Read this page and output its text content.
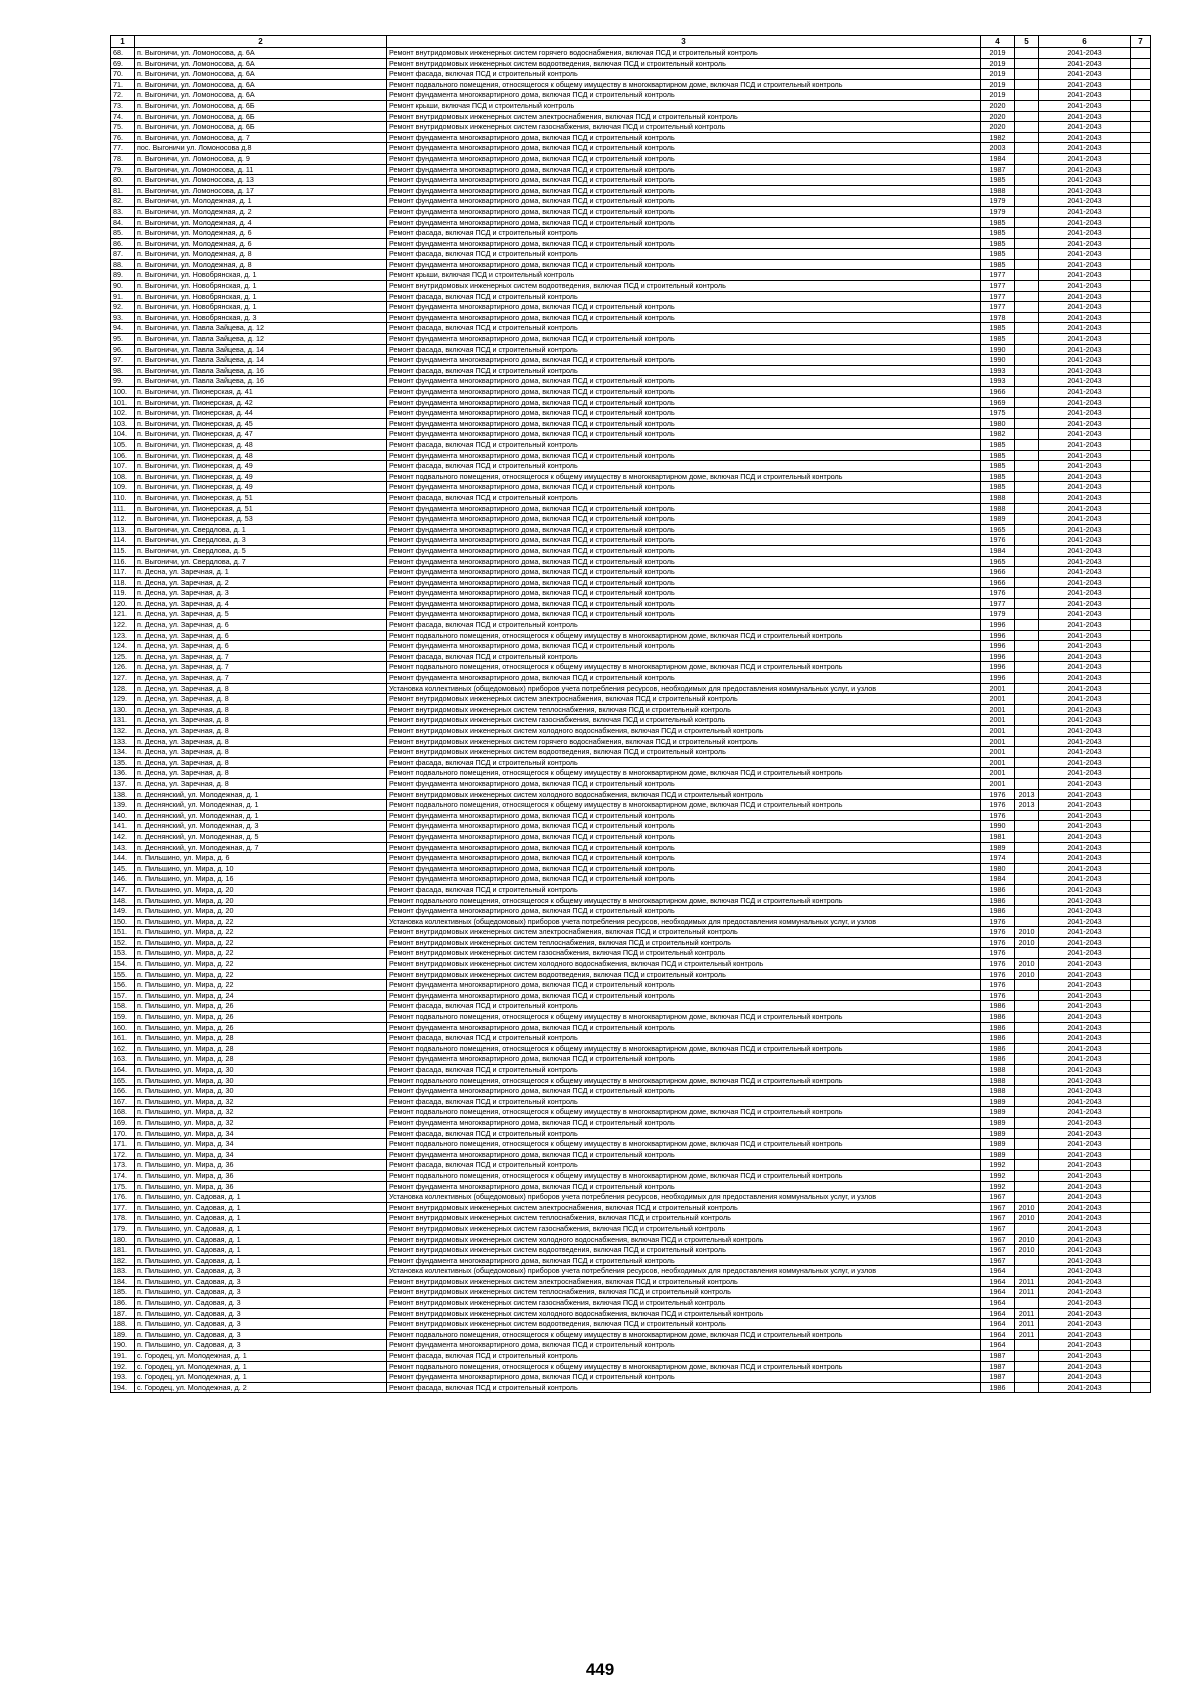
1	2	3	4	5	6	7
68.	п. Выгоничи, ул. Ломоносова, д. 6А	Ремонт внутридомовых инженерных систем горячего водоснабжения, включая ПСД и строительный контроль	2019		2041-2043	
69.	п. Выгоничи, ул. Ломоносова, д. 6А	Ремонт внутридомовых инженерных систем водоотведения, включая ПСД и строительный контроль	2019		2041-2043	
70.	п. Выгоничи, ул. Ломоносова, д. 6А	Ремонт фасада, включая ПСД и строительный контроль	2019		2041-2043	
71.	п. Выгоничи, ул. Ломоносова, д. 6А	Ремонт подвального помещения, относящегося к общему имуществу в многоквартирном доме, включая ПСД и строительный контроль	2019		2041-2043	
72.	п. Выгоничи, ул. Ломоносова, д. 6А	Ремонт фундамента многоквартирного дома, включая ПСД и строительный контроль	2019		2041-2043	
73.	п. Выгоничи, ул. Ломоносова, д. 6Б	Ремонт крыши, включая ПСД и строительный контроль	2020		2041-2043	
74.	п. Выгоничи, ул. Ломоносова, д. 6Б	Ремонт внутридомовых инженерных систем электроснабжения, включая ПСД и строительный контроль	2020		2041-2043	
75.	п. Выгоничи, ул. Ломоносова, д. 6Б	Ремонт внутридомовых инженерных систем газоснабжения, включая ПСД и строительный контроль	2020		2041-2043	
76.	п. Выгоничи, ул. Ломоносова, д. 7	Ремонт фундамента многоквартирного дома, включая ПСД и строительный контроль	1982		2041-2043	
77.	пос. Выгоничи ул. Ломоносова д.8	Ремонт фундамента многоквартирного дома, включая ПСД и строительный контроль	2003		2041-2043	
78.	п. Выгоничи, ул. Ломоносова, д. 9	Ремонт фундамента многоквартирного дома, включая ПСД и строительный контроль	1984		2041-2043	
79.	п. Выгоничи, ул. Ломоносова, д. 11	Ремонт фундамента многоквартирного дома, включая ПСД и строительный контроль	1987		2041-2043	
80.	п. Выгоничи, ул. Ломоносова, д. 13	Ремонт фундамента многоквартирного дома, включая ПСД и строительный контроль	1985		2041-2043	
81.	п. Выгоничи, ул. Ломоносова, д. 17	Ремонт фундамента многоквартирного дома, включая ПСД и строительный контроль	1988		2041-2043	
82.	п. Выгоничи, ул. Молодежная, д. 1	Ремонт фундамента многоквартирного дома, включая ПСД и строительный контроль	1979		2041-2043	
83.	п. Выгоничи, ул. Молодежная, д. 2	Ремонт фундамента многоквартирного дома, включая ПСД и строительный контроль	1979		2041-2043	
84.	п. Выгоничи, ул. Молодежная, д. 4	Ремонт фундамента многоквартирного дома, включая ПСД и строительный контроль	1985		2041-2043	
85.	п. Выгоничи, ул. Молодежная, д. 6	Ремонт фасада, включая ПСД и строительный контроль	1985		2041-2043	
86.	п. Выгоничи, ул. Молодежная, д. 6	Ремонт фундамента многоквартирного дома, включая ПСД и строительный контроль	1985		2041-2043	
87.	п. Выгоничи, ул. Молодежная, д. 8	Ремонт фасада, включая ПСД и строительный контроль	1985		2041-2043	
88.	п. Выгоничи, ул. Молодежная, д. 8	Ремонт фундамента многоквартирного дома, включая ПСД и строительный контроль	1985		2041-2043	
89.	п. Выгоничи, ул. Новобрянская, д. 1	Ремонт крыши, включая ПСД и строительный контроль	1977		2041-2043	
90.	п. Выгоничи, ул. Новобрянская, д. 1	Ремонт внутридомовых инженерных систем водоотведения, включая ПСД и строительный контроль	1977		2041-2043	
91.	п. Выгоничи, ул. Новобрянская, д. 1	Ремонт фасада, включая ПСД и строительный контроль	1977		2041-2043	
92.	п. Выгоничи, ул. Новобрянская, д. 1	Ремонт фундамента многоквартирного дома, включая ПСД и строительный контроль	1977		2041-2043	
93.	п. Выгоничи, ул. Новобрянская, д. 3	Ремонт фундамента многоквартирного дома, включая ПСД и строительный контроль	1978		2041-2043	
94.	п. Выгоничи, ул. Павла Зайцева, д. 12	Ремонт фасада, включая ПСД и строительный контроль	1985		2041-2043	
95.	п. Выгоничи, ул. Павла Зайцева, д. 12	Ремонт фундамента многоквартирного дома, включая ПСД и строительный контроль	1985		2041-2043	
96.	п. Выгоничи, ул. Павла Зайцева, д. 14	Ремонт фасада, включая ПСД и строительный контроль	1990		2041-2043	
97.	п. Выгоничи, ул. Павла Зайцева, д. 14	Ремонт фундамента многоквартирного дома, включая ПСД и строительный контроль	1990		2041-2043	
98.	п. Выгоничи, ул. Павла Зайцева, д. 16	Ремонт фасада, включая ПСД и строительный контроль	1993		2041-2043	
99.	п. Выгоничи, ул. Павла Зайцева, д. 16	Ремонт фундамента многоквартирного дома, включая ПСД и строительный контроль	1993		2041-2043	
100.	п. Выгоничи, ул. Пионерская, д. 41	Ремонт фундамента многоквартирного дома, включая ПСД и строительный контроль	1966		2041-2043	
101.	п. Выгоничи, ул. Пионерская, д. 42	Ремонт фундамента многоквартирного дома, включая ПСД и строительный контроль	1969		2041-2043	
102.	п. Выгоничи, ул. Пионерская, д. 44	Ремонт фундамента многоквартирного дома, включая ПСД и строительный контроль	1975		2041-2043	
103.	п. Выгоничи, ул. Пионерская, д. 45	Ремонт фундамента многоквартирного дома, включая ПСД и строительный контроль	1980		2041-2043	
104.	п. Выгоничи, ул. Пионерская, д. 47	Ремонт фундамента многоквартирного дома, включая ПСД и строительный контроль	1982		2041-2043	
105.	п. Выгоничи, ул. Пионерская, д. 48	Ремонт фасада, включая ПСД и строительный контроль	1985		2041-2043	
106.	п. Выгоничи, ул. Пионерская, д. 48	Ремонт фундамента многоквартирного дома, включая ПСД и строительный контроль	1985		2041-2043	
107.	п. Выгоничи, ул. Пионерская, д. 49	Ремонт фасада, включая ПСД и строительный контроль	1985		2041-2043	
108.	п. Выгоничи, ул. Пионерская, д. 49	Ремонт подвального помещения, относящегося к общему имуществу в многоквартирном доме, включая ПСД и строительный контроль	1985		2041-2043	
109.	п. Выгоничи, ул. Пионерская, д. 49	Ремонт фундамента многоквартирного дома, включая ПСД и строительный контроль	1985		2041-2043	
110.	п. Выгоничи, ул. Пионерская, д. 51	Ремонт фасада, включая ПСД и строительный контроль	1988		2041-2043	
111.	п. Выгоничи, ул. Пионерская, д. 51	Ремонт фундамента многоквартирного дома, включая ПСД и строительный контроль	1988		2041-2043	
112.	п. Выгоничи, ул. Пионерская, д. 53	Ремонт фундамента многоквартирного дома, включая ПСД и строительный контроль	1989		2041-2043	
113.	п. Выгоничи, ул. Свердлова, д. 1	Ремонт фундамента многоквартирного дома, включая ПСД и строительный контроль	1965		2041-2043	
114.	п. Выгоничи, ул. Свердлова, д. 3	Ремонт фундамента многоквартирного дома, включая ПСД и строительный контроль	1976		2041-2043	
115.	п. Выгоничи, ул. Свердлова, д. 5	Ремонт фундамента многоквартирного дома, включая ПСД и строительный контроль	1984		2041-2043	
116.	п. Выгоничи, ул. Свердлова, д. 7	Ремонт фундамента многоквартирного дома, включая ПСД и строительный контроль	1965		2041-2043	
117.	п. Десна, ул. Заречная, д. 1	Ремонт фундамента многоквартирного дома, включая ПСД и строительный контроль	1966		2041-2043	
118.	п. Десна, ул. Заречная, д. 2	Ремонт фундамента многоквартирного дома, включая ПСД и строительный контроль	1966		2041-2043	
119.	п. Десна, ул. Заречная, д. 3	Ремонт фундамента многоквартирного дома, включая ПСД и строительный контроль	1976		2041-2043	
120.	п. Десна, ул. Заречная, д. 4	Ремонт фундамента многоквартирного дома, включая ПСД и строительный контроль	1977		2041-2043	
121.	п. Десна, ул. Заречная, д. 5	Ремонт фундамента многоквартирного дома, включая ПСД и строительный контроль	1979		2041-2043	
122.	п. Десна, ул. Заречная, д. 6	Ремонт фасада, включая ПСД и строительный контроль	1996		2041-2043	
123.	п. Десна, ул. Заречная, д. 6	Ремонт подвального помещения, относящегося к общему имуществу в многоквартирном доме, включая ПСД и строительный контроль	1996		2041-2043	
124.	п. Десна, ул. Заречная, д. 6	Ремонт фундамента многоквартирного дома, включая ПСД и строительный контроль	1996		2041-2043	
125.	п. Десна, ул. Заречная, д. 7	Ремонт фасада, включая ПСД и строительный контроль	1996		2041-2043	
126.	п. Десна, ул. Заречная, д. 7	Ремонт подвального помещения, относящегося к общему имуществу в многоквартирном доме, включая ПСД и строительный контроль	1996		2041-2043	
127.	п. Десна, ул. Заречная, д. 7	Ремонт фундамента многоквартирного дома, включая ПСД и строительный контроль	1996		2041-2043	
128.	п. Десна, ул. Заречная, д. 8	Установка коллективных (общедомовых) приборов учета потребления ресурсов, необходимых для предоставления коммунальных услуг, и узлов	2001		2041-2043	
129.	п. Десна, ул. Заречная, д. 8	Ремонт внутридомовых инженерных систем электроснабжения, включая ПСД и строительный контроль	2001		2041-2043	
130.	п. Десна, ул. Заречная, д. 8	Ремонт внутридомовых инженерных систем теплоснабжения, включая ПСД и строительный контроль	2001		2041-2043	
131.	п. Десна, ул. Заречная, д. 8	Ремонт внутридомовых инженерных систем газоснабжения, включая ПСД и строительный контроль	2001		2041-2043	
132.	п. Десна, ул. Заречная, д. 8	Ремонт внутридомовых инженерных систем холодного водоснабжения, включая ПСД и строительный контроль	2001		2041-2043	
133.	п. Десна, ул. Заречная, д. 8	Ремонт внутридомовых инженерных систем горячего водоснабжения, включая ПСД и строительный контроль	2001		2041-2043	
134.	п. Десна, ул. Заречная, д. 8	Ремонт внутридомовых инженерных систем водоотведения, включая ПСД и строительный контроль	2001		2041-2043	
135.	п. Десна, ул. Заречная, д. 8	Ремонт фасада, включая ПСД и строительный контроль	2001		2041-2043	
136.	п. Десна, ул. Заречная, д. 8	Ремонт подвального помещения, относящегося к общему имуществу в многоквартирном доме, включая ПСД и строительный контроль	2001		2041-2043	
137.	п. Десна, ул. Заречная, д. 8	Ремонт фундамента многоквартирного дома, включая ПСД и строительный контроль	2001		2041-2043	
138.	п. Деснянский, ул. Молодежная, д. 1	Ремонт внутридомовых инженерных систем холодного водоснабжения, включая ПСД и строительный контроль	1976	2013	2041-2043	
139.	п. Деснянский, ул. Молодежная, д. 1	Ремонт подвального помещения, относящегося к общему имуществу в многоквартирном доме, включая ПСД и строительный контроль	1976	2013	2041-2043	
140.	п. Деснянский, ул. Молодежная, д. 1	Ремонт фундамента многоквартирного дома, включая ПСД и строительный контроль	1976		2041-2043	
141.	п. Деснянский, ул. Молодежная, д. 3	Ремонт фундамента многоквартирного дома, включая ПСД и строительный контроль	1990		2041-2043	
142.	п. Деснянский, ул. Молодежная, д. 5	Ремонт фундамента многоквартирного дома, включая ПСД и строительный контроль	1981		2041-2043	
143.	п. Деснянский, ул. Молодежная, д. 7	Ремонт фундамента многоквартирного дома, включая ПСД и строительный контроль	1989		2041-2043	
144.	п. Пильшино, ул. Мира, д. 6	Ремонт фундамента многоквартирного дома, включая ПСД и строительный контроль	1974		2041-2043	
145.	п. Пильшино, ул. Мира, д. 10	Ремонт фундамента многоквартирного дома, включая ПСД и строительный контроль	1980		2041-2043	
146.	п. Пильшино, ул. Мира, д. 16	Ремонт фундамента многоквартирного дома, включая ПСД и строительный контроль	1984		2041-2043	
147.	п. Пильшино, ул. Мира, д. 20	Ремонт фасада, включая ПСД и строительный контроль	1986		2041-2043	
148.	п. Пильшино, ул. Мира, д. 20	Ремонт подвального помещения, относящегося к общему имуществу в многоквартирном доме, включая ПСД и строительный контроль	1986		2041-2043	
149.	п. Пильшино, ул. Мира, д. 20	Ремонт фундамента многоквартирного дома, включая ПСД и строительный контроль	1986		2041-2043	
150.	п. Пильшино, ул. Мира, д. 22	Установка коллективных (общедомовых) приборов учета потребления ресурсов, необходимых для предоставления коммунальных услуг, и узлов	1976		2041-2043	
151.	п. Пильшино, ул. Мира, д. 22	Ремонт внутридомовых инженерных систем электроснабжения, включая ПСД и строительный контроль	1976	2010	2041-2043	
152.	п. Пильшино, ул. Мира, д. 22	Ремонт внутридомовых инженерных систем теплоснабжения, включая ПСД и строительный контроль	1976	2010	2041-2043	
153.	п. Пильшино, ул. Мира, д. 22	Ремонт внутридомовых инженерных систем газоснабжения, включая ПСД и строительный контроль	1976		2041-2043	
154.	п. Пильшино, ул. Мира, д. 22	Ремонт внутридомовых инженерных систем холодного водоснабжения, включая ПСД и строительный контроль	1976	2010	2041-2043	
155.	п. Пильшино, ул. Мира, д. 22	Ремонт внутридомовых инженерных систем водоотведения, включая ПСД и строительный контроль	1976	2010	2041-2043	
156.	п. Пильшино, ул. Мира, д. 22	Ремонт фундамента многоквартирного дома, включая ПСД и строительный контроль	1976		2041-2043	
157.	п. Пильшино, ул. Мира, д. 24	Ремонт фундамента многоквартирного дома, включая ПСД и строительный контроль	1976		2041-2043	
158.	п. Пильшино, ул. Мира, д. 26	Ремонт фасада, включая ПСД и строительный контроль	1986		2041-2043	
159.	п. Пильшино, ул. Мира, д. 26	Ремонт подвального помещения, относящегося к общему имуществу в многоквартирном доме, включая ПСД и строительный контроль	1986		2041-2043	
160.	п. Пильшино, ул. Мира, д. 26	Ремонт фундамента многоквартирного дома, включая ПСД и строительный контроль	1986		2041-2043	
161.	п. Пильшино, ул. Мира, д. 28	Ремонт фасада, включая ПСД и строительный контроль	1986		2041-2043	
162.	п. Пильшино, ул. Мира, д. 28	Ремонт подвального помещения, относящегося к общему имуществу в многоквартирном доме, включая ПСД и строительный контроль	1986		2041-2043	
163.	п. Пильшино, ул. Мира, д. 28	Ремонт фундамента многоквартирного дома, включая ПСД и строительный контроль	1986		2041-2043	
164.	п. Пильшино, ул. Мира, д. 30	Ремонт фасада, включая ПСД и строительный контроль	1988		2041-2043	
165.	п. Пильшино, ул. Мира, д. 30	Ремонт подвального помещения, относящегося к общему имуществу в многоквартирном доме, включая ПСД и строительный контроль	1988		2041-2043	
166.	п. Пильшино, ул. Мира, д. 30	Ремонт фундамента многоквартирного дома, включая ПСД и строительный контроль	1988		2041-2043	
167.	п. Пильшино, ул. Мира, д. 32	Ремонт фасада, включая ПСД и строительный контроль	1989		2041-2043	
168.	п. Пильшино, ул. Мира, д. 32	Ремонт подвального помещения, относящегося к общему имуществу в многоквартирном доме, включая ПСД и строительный контроль	1989		2041-2043	
169.	п. Пильшино, ул. Мира, д. 32	Ремонт фундамента многоквартирного дома, включая ПСД и строительный контроль	1989		2041-2043	
170.	п. Пильшино, ул. Мира, д. 34	Ремонт фасада, включая ПСД и строительный контроль	1989		2041-2043	
171.	п. Пильшино, ул. Мира, д. 34	Ремонт подвального помещения, относящегося к общему имуществу в многоквартирном доме, включая ПСД и строительный контроль	1989		2041-2043	
172.	п. Пильшино, ул. Мира, д. 34	Ремонт фундамента многоквартирного дома, включая ПСД и строительный контроль	1989		2041-2043	
173.	п. Пильшино, ул. Мира, д. 36	Ремонт фасада, включая ПСД и строительный контроль	1992		2041-2043	
174.	п. Пильшино, ул. Мира, д. 36	Ремонт подвального помещения, относящегося к общему имуществу в многоквартирном доме, включая ПСД и строительный контроль	1992		2041-2043	
175.	п. Пильшино, ул. Мира, д. 36	Ремонт фундамента многоквартирного дома, включая ПСД и строительный контроль	1992		2041-2043	
176.	п. Пильшино, ул. Садовая, д. 1	Установка коллективных (общедомовых) приборов учета потребления ресурсов, необходимых для предоставления коммунальных услуг, и узлов	1967		2041-2043	
177.	п. Пильшино, ул. Садовая, д. 1	Ремонт внутридомовых инженерных систем электроснабжения, включая ПСД и строительный контроль	1967	2010	2041-2043	
178.	п. Пильшино, ул. Садовая, д. 1	Ремонт внутридомовых инженерных систем теплоснабжения, включая ПСД и строительный контроль	1967	2010	2041-2043	
179.	п. Пильшино, ул. Садовая, д. 1	Ремонт внутридомовых инженерных систем газоснабжения, включая ПСД и строительный контроль	1967		2041-2043	
180.	п. Пильшино, ул. Садовая, д. 1	Ремонт внутридомовых инженерных систем холодного водоснабжения, включая ПСД и строительный контроль	1967	2010	2041-2043	
181.	п. Пильшино, ул. Садовая, д. 1	Ремонт внутридомовых инженерных систем водоотведения, включая ПСД и строительный контроль	1967	2010	2041-2043	
182.	п. Пильшино, ул. Садовая, д. 1	Ремонт фундамента многоквартирного дома, включая ПСД и строительный контроль	1967		2041-2043	
183.	п. Пильшино, ул. Садовая, д. 3	Установка коллективных (общедомовых) приборов учета потребления ресурсов, необходимых для предоставления коммунальных услуг, и узлов	1964		2041-2043	
184.	п. Пильшино, ул. Садовая, д. 3	Ремонт внутридомовых инженерных систем электроснабжения, включая ПСД и строительный контроль	1964	2011	2041-2043	
185.	п. Пильшино, ул. Садовая, д. 3	Ремонт внутридомовых инженерных систем теплоснабжения, включая ПСД и строительный контроль	1964	2011	2041-2043	
186.	п. Пильшино, ул. Садовая, д. 3	Ремонт внутридомовых инженерных систем газоснабжения, включая ПСД и строительный контроль	1964		2041-2043	
187.	п. Пильшино, ул. Садовая, д. 3	Ремонт внутридомовых инженерных систем холодного водоснабжения, включая ПСД и строительный контроль	1964	2011	2041-2043	
188.	п. Пильшино, ул. Садовая, д. 3	Ремонт внутридомовых инженерных систем водоотведения, включая ПСД и строительный контроль	1964	2011	2041-2043	
189.	п. Пильшино, ул. Садовая, д. 3	Ремонт подвального помещения, относящегося к общему имуществу в многоквартирном доме, включая ПСД и строительный контроль	1964	2011	2041-2043	
190.	п. Пильшино, ул. Садовая, д. 3	Ремонт фундамента многоквартирного дома, включая ПСД и строительный контроль	1964		2041-2043	
191.	с. Городец, ул. Молодежная, д. 1	Ремонт фасада, включая ПСД и строительный контроль	1987		2041-2043	
192.	с. Городец, ул. Молодежная, д. 1	Ремонт подвального помещения, относящегося к общему имуществу в многоквартирном доме, включая ПСД и строительный контроль	1987		2041-2043	
193.	с. Городец, ул. Молодежная, д. 1	Ремонт фундамента многоквартирного дома, включая ПСД и строительный контроль	1987		2041-2043	
194.	с. Городец, ул. Молодежная, д. 2	Ремонт фасада, включая ПСД и строительный контроль	1986		2041-2043	
449
